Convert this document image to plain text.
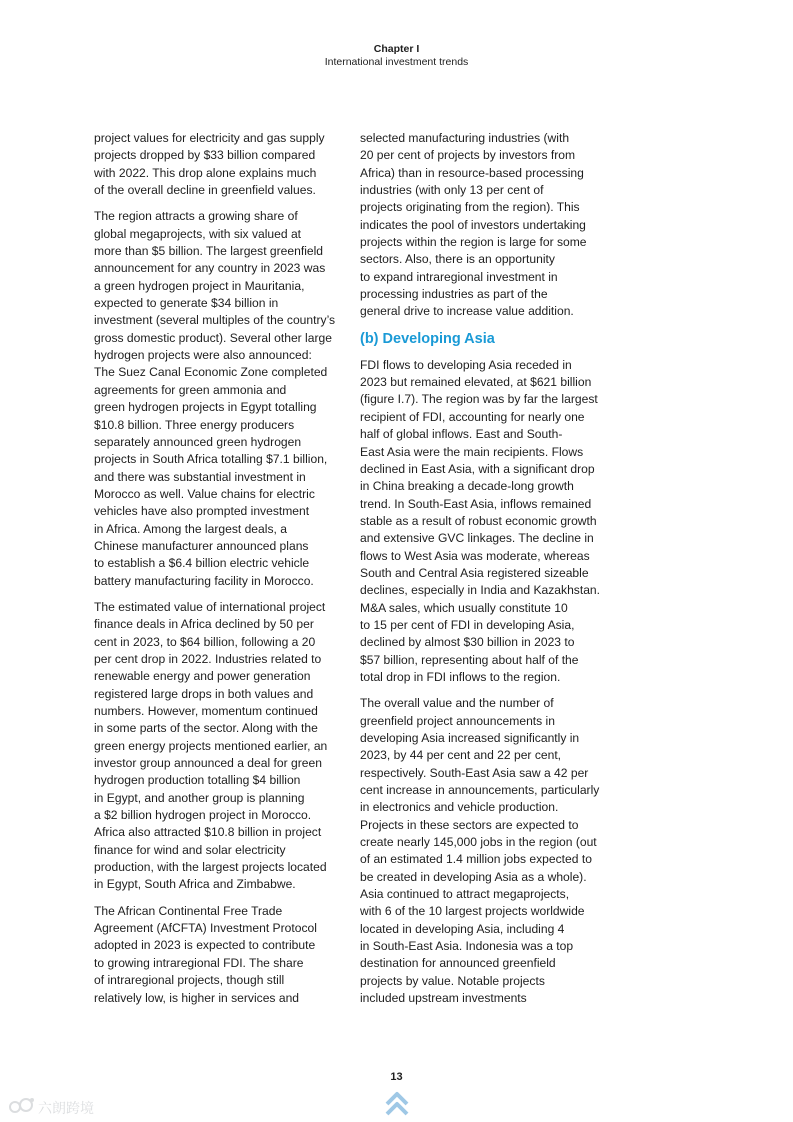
Chapter I
International investment trends
project values for electricity and gas supply
projects dropped by $33 billion compared
with 2022. This drop alone explains much
of the overall decline in greenfield values.
The region attracts a growing share of
global megaprojects, with six valued at
more than $5 billion. The largest greenfield
announcement for any country in 2023 was
a green hydrogen project in Mauritania,
expected to generate $34 billion in
investment (several multiples of the country’s
gross domestic product). Several other large
hydrogen projects were also announced:
The Suez Canal Economic Zone completed
agreements for green ammonia and
green hydrogen projects in Egypt totalling
$10.8 billion. Three energy producers
separately announced green hydrogen
projects in South Africa totalling $7.1 billion,
and there was substantial investment in
Morocco as well. Value chains for electric
vehicles have also prompted investment
in Africa. Among the largest deals, a
Chinese manufacturer announced plans
to establish a $6.4 billion electric vehicle
battery manufacturing facility in Morocco.
The estimated value of international project
finance deals in Africa declined by 50 per
cent in 2023, to $64 billion, following a 20
per cent drop in 2022. Industries related to
renewable energy and power generation
registered large drops in both values and
numbers. However, momentum continued
in some parts of the sector. Along with the
green energy projects mentioned earlier, an
investor group announced a deal for green
hydrogen production totalling $4 billion
in Egypt, and another group is planning
a $2 billion hydrogen project in Morocco.
Africa also attracted $10.8 billion in project
finance for wind and solar electricity
production, with the largest projects located
in Egypt, South Africa and Zimbabwe.
The African Continental Free Trade
Agreement (AfCFTA) Investment Protocol
adopted in 2023 is expected to contribute
to growing intraregional FDI. The share
of intraregional projects, though still
relatively low, is higher in services and
selected manufacturing industries (with
20 per cent of projects by investors from
Africa) than in resource-based processing
industries (with only 13 per cent of
projects originating from the region). This
indicates the pool of investors undertaking
projects within the region is large for some
sectors. Also, there is an opportunity
to expand intraregional investment in
processing industries as part of the
general drive to increase value addition.
(b) Developing Asia
FDI flows to developing Asia receded in
2023 but remained elevated, at $621 billion
(figure I.7). The region was by far the largest
recipient of FDI, accounting for nearly one
half of global inflows. East and South-
East Asia were the main recipients. Flows
declined in East Asia, with a significant drop
in China breaking a decade-long growth
trend. In South-East Asia, inflows remained
stable as a result of robust economic growth
and extensive GVC linkages. The decline in
flows to West Asia was moderate, whereas
South and Central Asia registered sizeable
declines, especially in India and Kazakhstan.
M&A sales, which usually constitute 10
to 15 per cent of FDI in developing Asia,
declined by almost $30 billion in 2023 to
$57 billion, representing about half of the
total drop in FDI inflows to the region.
The overall value and the number of
greenfield project announcements in
developing Asia increased significantly in
2023, by 44 per cent and 22 per cent,
respectively. South-East Asia saw a 42 per
cent increase in announcements, particularly
in electronics and vehicle production.
Projects in these sectors are expected to
create nearly 145,000 jobs in the region (out
of an estimated 1.4 million jobs expected to
be created in developing Asia as a whole).
Asia continued to attract megaprojects,
with 6 of the 10 largest projects worldwide
located in developing Asia, including 4
in South-East Asia. Indonesia was a top
destination for announced greenfield
projects by value. Notable projects
included upstream investments
13
六朗跨境
